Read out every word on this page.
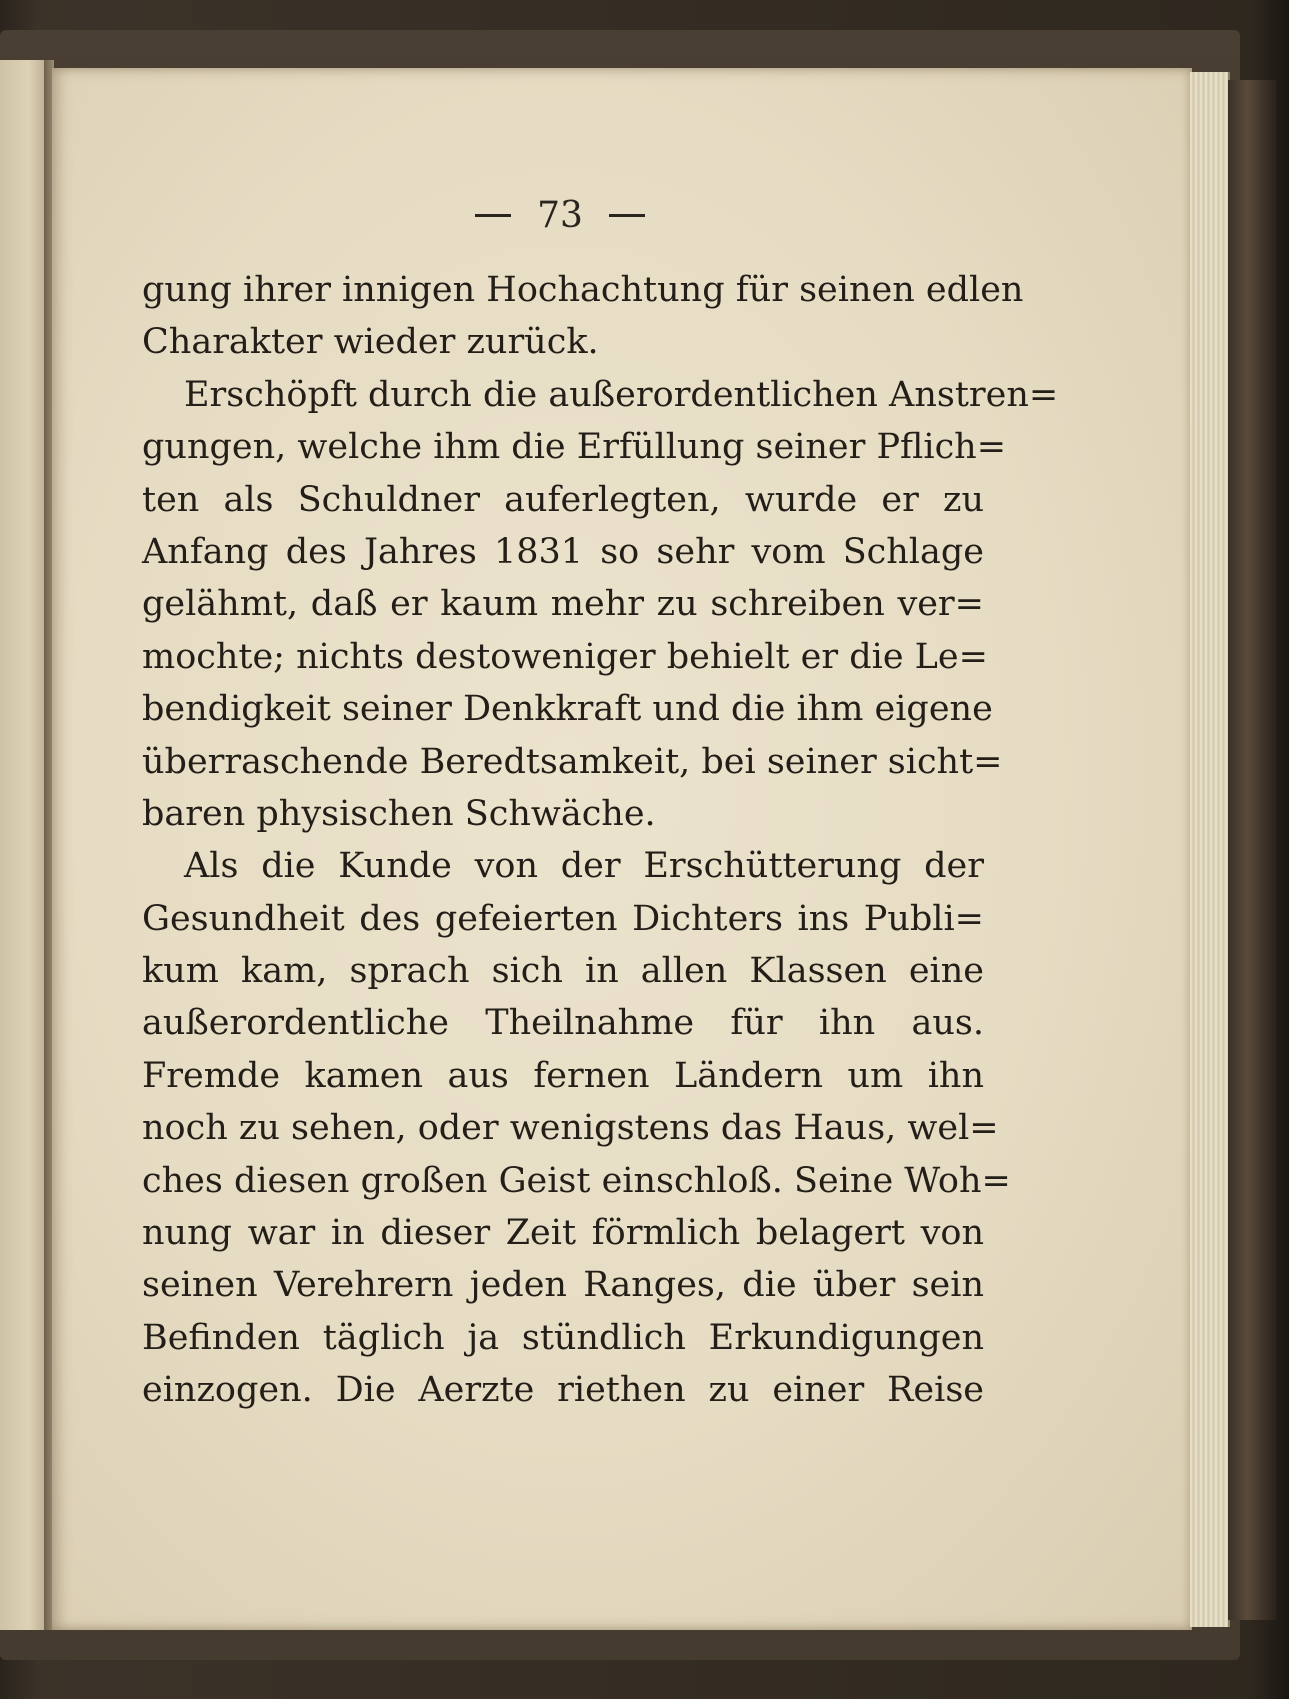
73
gung ihrer innigen Hochachtung für seinen edlen
Charakter wieder zurück.
Erschöpft durch die außerordentlichen Anstren=
gungen, welche ihm die Erfüllung seiner Pflich=
ten als Schuldner auferlegten, wurde er zu
Anfang des Jahres 1831 so sehr vom Schlage
gelähmt, daß er kaum mehr zu schreiben ver=
mochte; nichts destoweniger behielt er die Le=
bendigkeit seiner Denkkraft und die ihm eigene
überraschende Beredtsamkeit, bei seiner sicht=
baren physischen Schwäche.
Als die Kunde von der Erschütterung der
Gesundheit des gefeierten Dichters ins Publi=
kum kam, sprach sich in allen Klassen eine
außerordentliche Theilnahme für ihn aus.
Fremde kamen aus fernen Ländern um ihn
noch zu sehen, oder wenigstens das Haus, wel=
ches diesen großen Geist einschloß. Seine Woh=
nung war in dieser Zeit förmlich belagert von
seinen Verehrern jeden Ranges, die über sein
Befinden täglich ja stündlich Erkundigungen
einzogen. Die Aerzte riethen zu einer Reise
